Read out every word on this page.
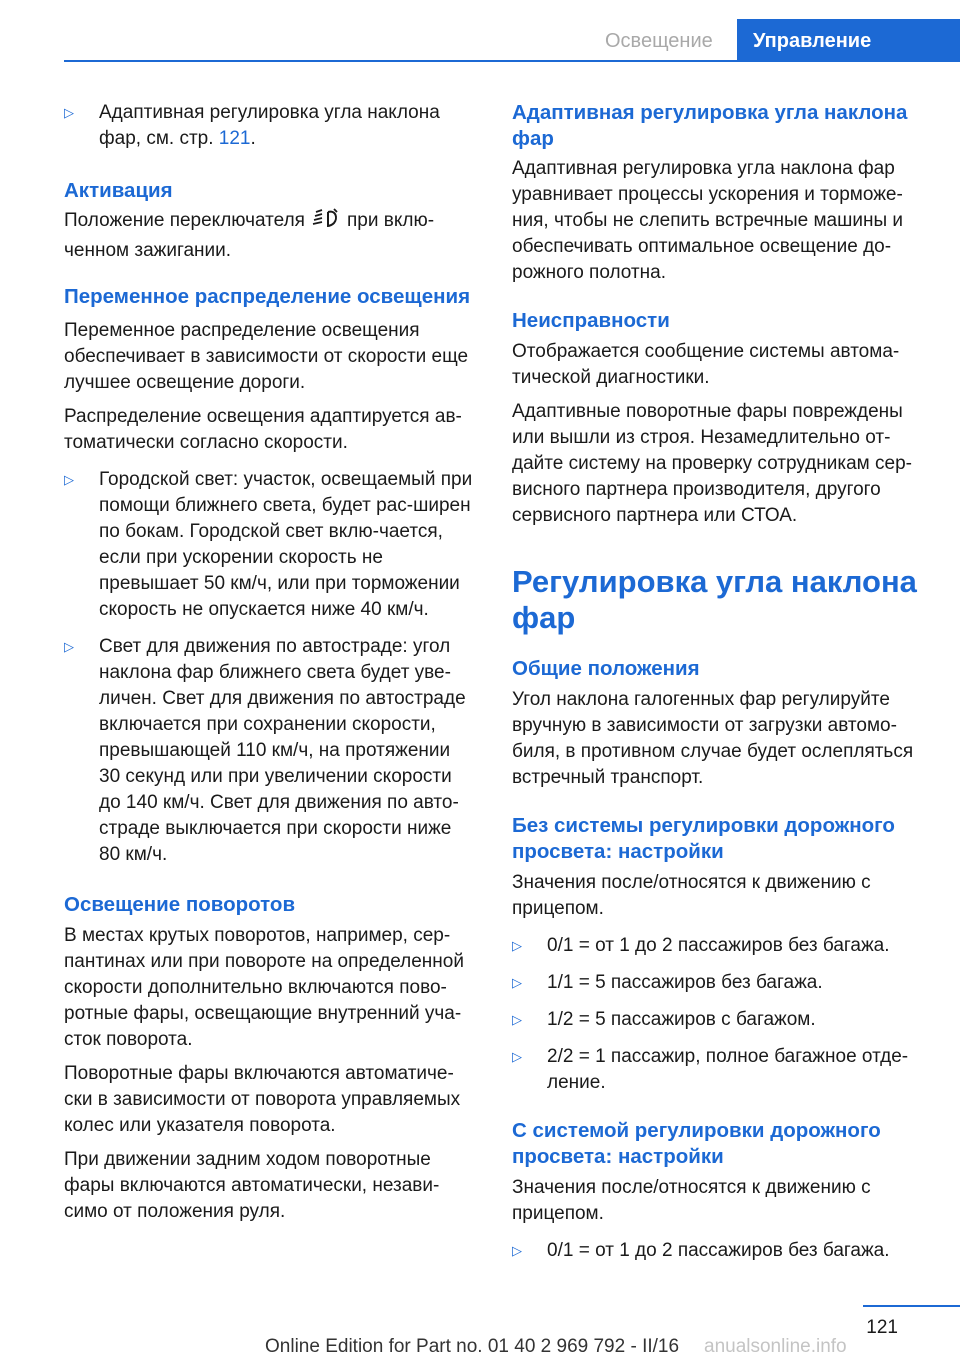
Освещение	Управление
▷ Адаптивная регулировка угла наклона фар, см. стр. 121.
Активация

Положение переключателя при вклю-ченном зажигании.

Переменное распределение освещения

Переменное распределение освещения обеспечивает в зависимости от скорости еще лучшее освещение дороги.

Распределение освещения адаптируется ав-томатически согласно скорости.

▷ Городской свет: участок, освещаемый при помощи ближнего света, будет рас-ширен по бокам. Городской свет вклю-чается, если при ускорении скорость не превышает 50 км/ч, или при торможении скорость не опускается ниже 40 км/ч.
▷ Свет для движения по автостраде: угол наклона фар ближнего света будет уве-личен. Свет для движения по автостраде включается при сохранении скорости, превышающей 110 км/ч, на протяжении 30 секунд или при увеличении скорости до 140 км/ч. Свет для движения по авто-страде выключается при скорости ниже 80 км/ч.
Освещение поворотов

В местах крутых поворотов, например, сер-пантинах или при повороте на определенной скорости дополнительно включаются пово-ротные фары, освещающие внутренний уча-сток поворота.

Поворотные фары включаются автоматиче-ски в зависимости от поворота управляемых колес или указателя поворота.

При движении задним ходом поворотные фары включаются автоматически, незави-симо от положения руля.

Адаптивная регулировка угла наклона фар

Адаптивная регулировка угла наклона фар уравнивает процессы ускорения и торможе-ния, чтобы не слепить встречные машины и обеспечивать оптимальное освещение до-рожного полотна.

Неисправности

Отображается сообщение системы автома-тической диагностики.

Адаптивные поворотные фары повреждены или вышли из строя. Незамедлительно от-дайте систему на проверку сотрудникам сер-висного партнера производителя, другого сервисного партнера или СТОА.

Регулировка угла наклона фар
Общие положения

Угол наклона галогенных фар регулируйте вручную в зависимости от загрузки автомо-биля, в противном случае будет ослепляться встречный транспорт.

Без системы регулировки дорожного просвета: настройки

Значения после/относятся к движению с прицепом.

▷ 0/1 = от 1 до 2 пассажиров без багажа.
▷ 1/1 = 5 пассажиров без багажа.
▷ 1/2 = 5 пассажиров с багажом.
▷ 2/2 = 1 пассажир, полное багажное отде-ление.
С системой регулировки дорожного просвета: настройки

Значения после/относятся к движению с прицепом.

▷ 0/1 = от 1 до 2 пассажиров без багажа.
121
Online Edition for Part no. 01 40 2 969 792 - II/16 anualsonline.info
